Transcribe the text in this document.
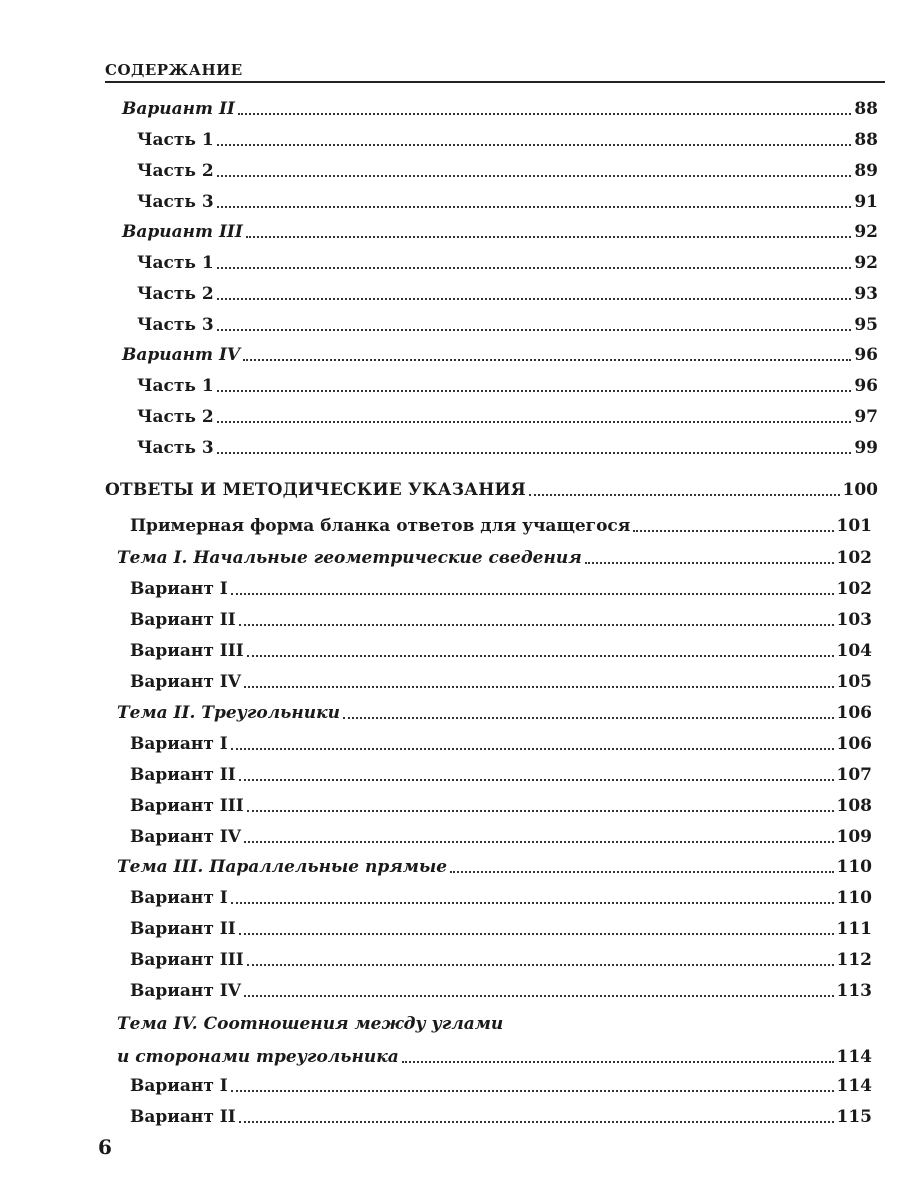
СОДЕРЖАНИЕ
Вариант II	88
Часть 1	88
Часть 2	89
Часть 3	91
Вариант III	92
Часть 1	92
Часть 2	93
Часть 3	95
Вариант IV	96
Часть 1	96
Часть 2	97
Часть 3	99
ОТВЕТЫ И МЕТОДИЧЕСКИЕ УКАЗАНИЯ	100
Примерная форма бланка ответов для учащегося	101
Тема I. Начальные геометрические сведения	102
Вариант I	102
Вариант II	103
Вариант III	104
Вариант IV	105
Тема II. Треугольники	106
Вариант I	106
Вариант II	107
Вариант III	108
Вариант IV	109
Тема III. Параллельные прямые	110
Вариант I	110
Вариант II	111
Вариант III	112
Вариант IV	113
Тема IV. Соотношения между углами
и сторонами треугольника	114
Вариант I	114
Вариант II	115
6
